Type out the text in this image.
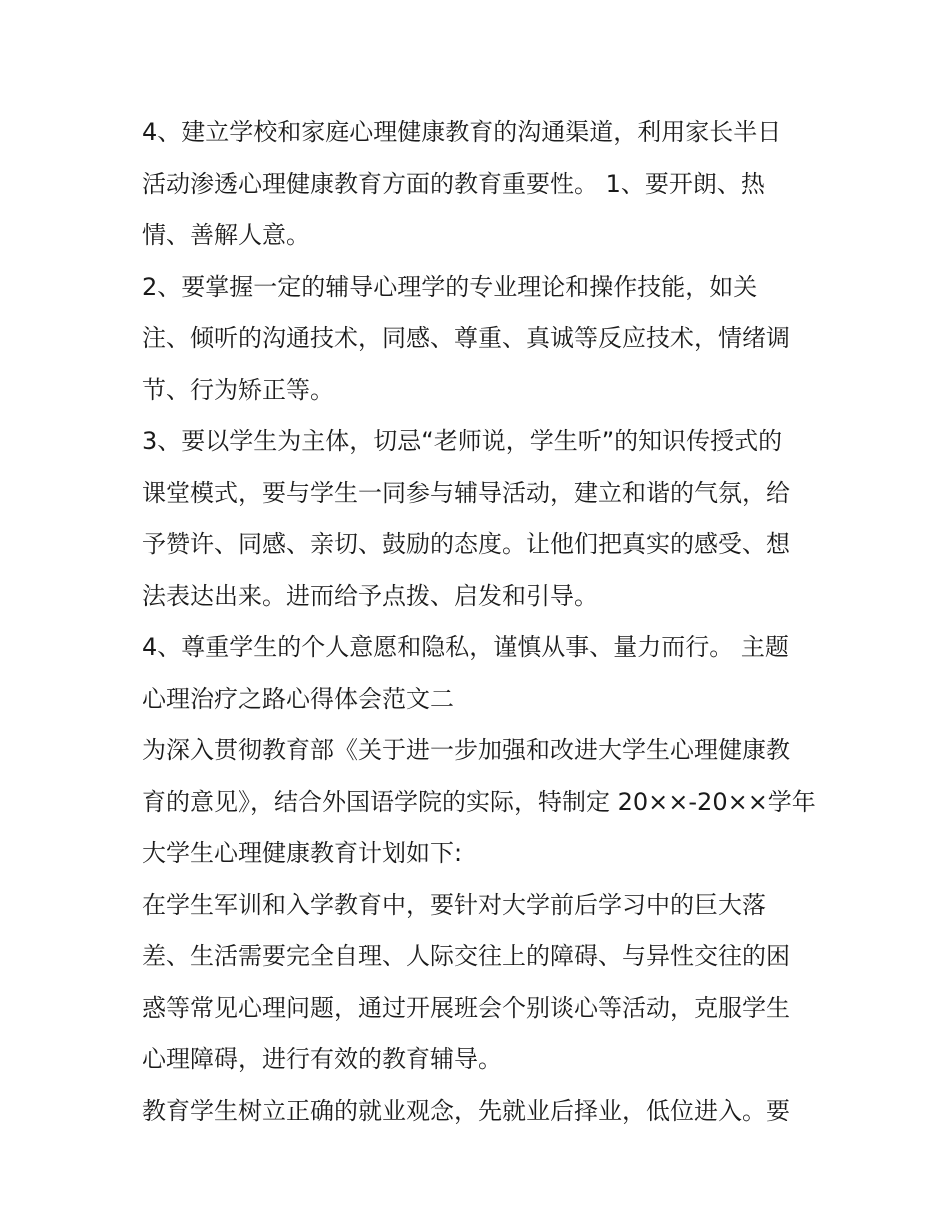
4、建立学校和家庭心理健康教育的沟通渠道，利用家长半日
活动渗透心理健康教育方面的教育重要性。 1、要开朗、热
情、善解人意。
2、要掌握一定的辅导心理学的专业理论和操作技能，如关
注、倾听的沟通技术，同感、尊重、真诚等反应技术，情绪调
节、行为矫正等。
3、要以学生为主体，切忌“老师说，学生听”的知识传授式的
课堂模式，要与学生一同参与辅导活动，建立和谐的气氛，给
予赞许、同感、亲切、鼓励的态度。让他们把真实的感受、想
法表达出来。进而给予点拨、启发和引导。
4、尊重学生的个人意愿和隐私，谨慎从事、量力而行。 主题
心理治疗之路心得体会范文二
为深入贯彻教育部《关于进一步加强和改进大学生心理健康教
育的意见》，结合外国语学院的实际，特制定 20××-20××学年
大学生心理健康教育计划如下:
在学生军训和入学教育中，要针对大学前后学习中的巨大落
差、生活需要完全自理、人际交往上的障碍、与异性交往的困
惑等常见心理问题，通过开展班会个别谈心等活动，克服学生
心理障碍，进行有效的教育辅导。
教育学生树立正确的就业观念，先就业后择业，低位进入。要
